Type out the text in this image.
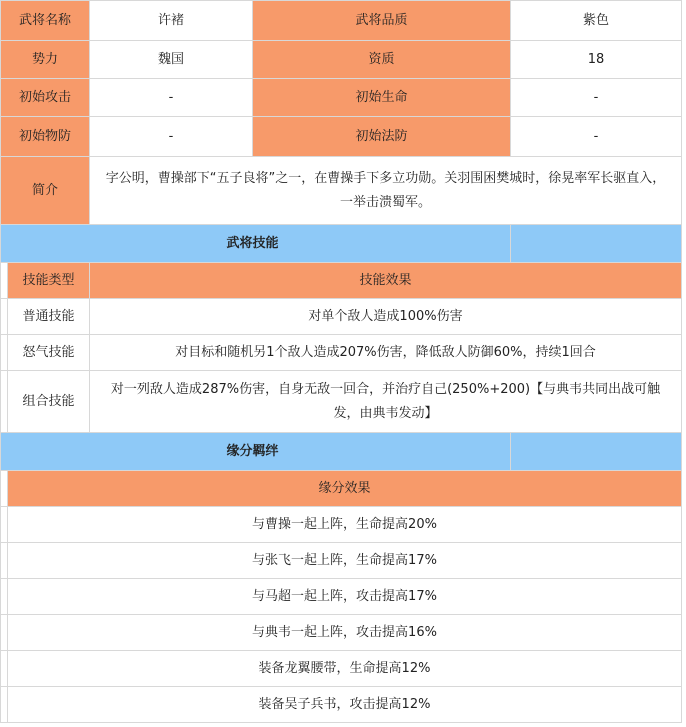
武将名称		许褚	武将品质	紫色
势力		魏国	资质	18
初始攻击		-	初始生命	-
初始物防		-	初始法防	-
简介		字公明，曹操部下“五子良将”之一，在曹操手下多立功勋。关羽围困樊城时，徐晃率军长驱直入，一举击溃蜀军。		
武将技能				
	技能类型	技能效果		
	普通技能	对单个敌人造成100%伤害		
	怒气技能	对目标和随机另1个敌人造成207%伤害，降低敌人防御60%，持续1回合		
	组合技能	对一列敌人造成287%伤害，自身无敌一回合，并治疗自己(250%+200)【与典韦共同出战可触发，由典韦发动】		
缘分羁绊				
	缘分效果			
	与曹操一起上阵，生命提高20%			
	与张飞一起上阵，生命提高17%			
	与马超一起上阵，攻击提高17%			
	与典韦一起上阵，攻击提高16%			
	装备龙翼腰带，生命提高12%			
	装备吴子兵书，攻击提高12%			
